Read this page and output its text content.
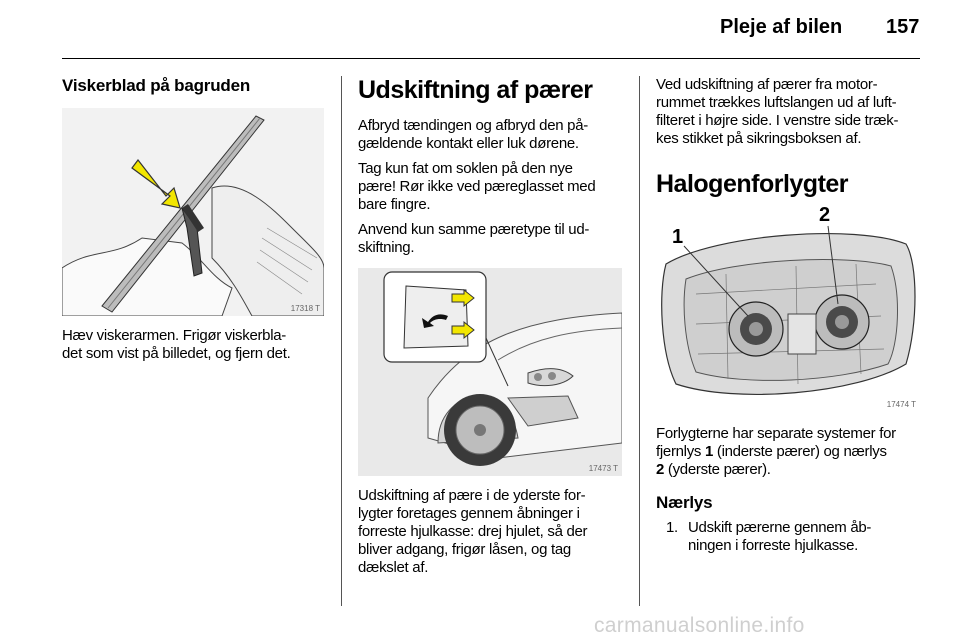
Pleje af bilen 157
Viskerblad på bagruden
17318 T

Hæv viskerarmen. Frigør viskerbla-

det som vist på billedet, og fjern det.

Udskiftning af pærer

Afbryd tændingen og afbryd den på-

gældende kontakt eller luk dørene.

Tag kun fat om soklen på den nye

pære! Rør ikke ved pæreglasset med

bare fingre.

Anvend kun samme pæretype til ud-

skiftning.

17473 T

Udskiftning af pære i de yderste for-

lygter foretages gennem åbninger i

forreste hjulkasse: drej hjulet, så der

bliver adgang, frigør låsen, og tag

dækslet af.

Ved udskiftning af pærer fra motor-

rummet trækkes luftslangen ud af luft-

filteret i højre side. I venstre side træk-

kes stikket på sikringsboksen af.

Halogenforlygter
1
2
17474 T

Forlygterne har separate systemer for

fjernlys 1 (inderste pærer) og nærlys

2 (yderste pærer).

Nærlys

1. Udskift pærerne gennem åb-

ningen i forreste hjulkasse.

carmanualsonline.info
